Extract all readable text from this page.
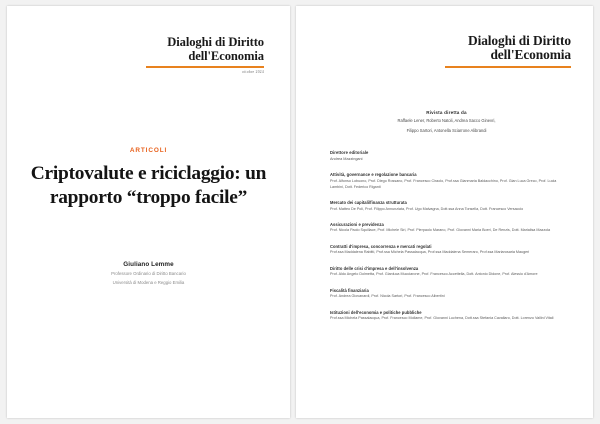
Dialoghi di Diritto
dell'Economia
ottobre 2024
ARTICOLI
Criptovalute e riciclaggio: un rapporto “troppo facile”
Giuliano Lemme
Professore Ordinario di Diritto Bancario
Università di Modena e Reggio Emilia
Dialoghi di Diritto
dell'Economia
Rivista diretta da
Raffaele Lener, Roberto Natoli, Andrea Sacco Ginevri,
Filippo Sartori, Antonella Sciarrone Alibrandi
Direttore editoriale
Andrea Mazzingani
Attività, governance e regolazione bancaria
Prof. Alfonso Lobuono, Prof. Diego Rossano, Prof. Francesco Ciraolo, Prof.ssa Gianmaria Baldacchino, Prof. Gian Luca Greco, Prof. Lucia Lambini, Dott. Federico Riganti
Mercato dei capitali/finanza strutturata
Prof. Matteo De Poli, Prof. Filippo Annunziata, Prof. Ugo Malvagna, Dott.ssa Anna Tonsella, Dott. Francesco Versaccio
Assicurazioni e previdenza
Prof. Nicola Paolo Squillace, Prof. Michele Siri, Prof. Pierpaolo Marano, Prof. Giovanni Maria Boeri, De Renzis, Dott. Marialisa Mazzola
Contratti d'impresa, concorrenza e mercati regolati
Prof.ssa Maddalena Rabitti, Prof.ssa Michela Passalacqua, Prof.ssa Maddalena Semeraro, Prof.ssa Mariarosaria Maugeri
Diritto delle crisi d'impresa e dell'insolvenza
Prof. Aldo Angelo Dolmetta, Prof. Gianluca Mucciarone, Prof. Francesco Accettella, Dott. Antonio Didone, Prof. Alessio d'Amore
Fiscalità finanziaria
Prof. Andrea Giovanardi, Prof. Nicola Sartori, Prof. Francesco Albertini
Istituzioni dell'economia e politiche pubbliche
Prof.ssa Michela Passalacqua, Prof. Francesco Mollame, Prof. Giovanni Luchena, Dott.ssa Stefania Cavallaro, Dott. Lorenzo Vallini Vitali
